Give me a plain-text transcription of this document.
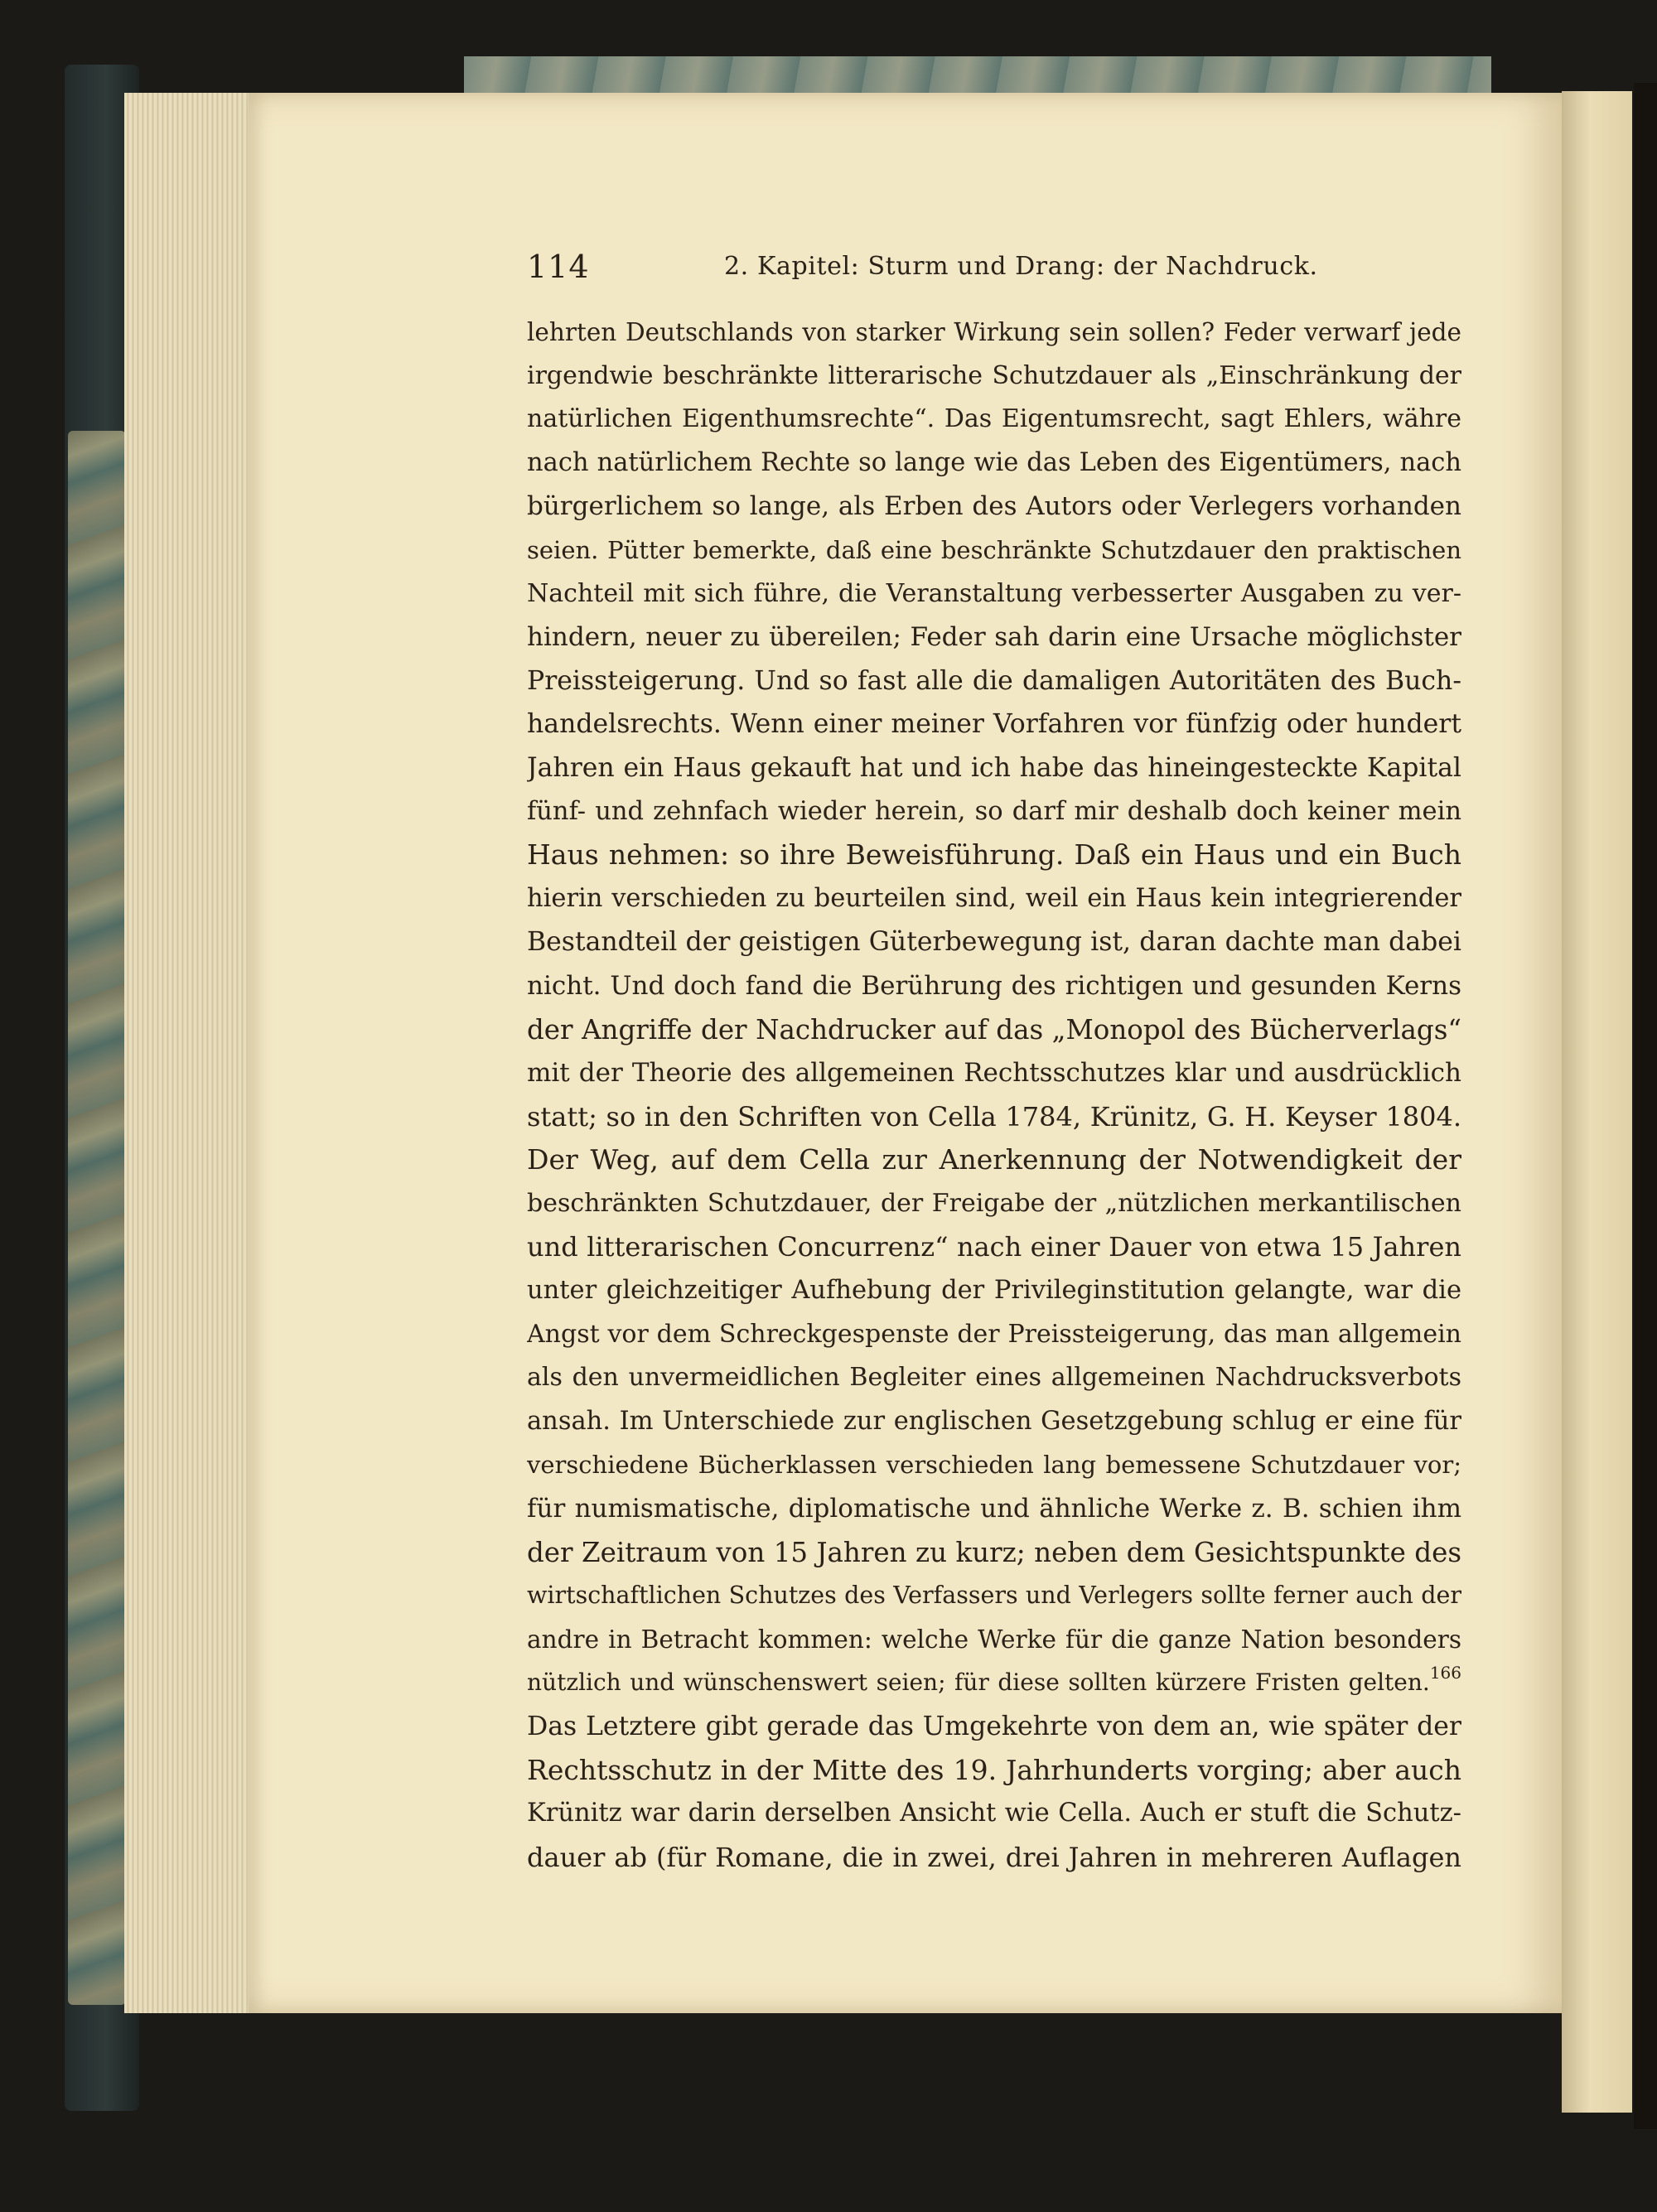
114	2. Kapitel: Sturm und Drang: der Nachdruck.
lehrten Deutschlands von starker Wirkung sein sollen? Feder verwarf jede
irgendwie beschränkte litterarische Schutzdauer als „Einschränkung der
natürlichen Eigenthumsrechte“. Das Eigentumsrecht, sagt Ehlers, währe
nach natürlichem Rechte so lange wie das Leben des Eigentümers, nach
bürgerlichem so lange, als Erben des Autors oder Verlegers vorhanden
seien. Pütter bemerkte, daß eine beschränkte Schutzdauer den praktischen
Nachteil mit sich führe, die Veranstaltung verbesserter Ausgaben zu ver-
hindern, neuer zu übereilen; Feder sah darin eine Ursache möglichster
Preissteigerung. Und so fast alle die damaligen Autoritäten des Buch-
handelsrechts. Wenn einer meiner Vorfahren vor fünfzig oder hundert
Jahren ein Haus gekauft hat und ich habe das hineingesteckte Kapital
fünf- und zehnfach wieder herein, so darf mir deshalb doch keiner mein
Haus nehmen: so ihre Beweisführung. Daß ein Haus und ein Buch
hierin verschieden zu beurteilen sind, weil ein Haus kein integrierender
Bestandteil der geistigen Güterbewegung ist, daran dachte man dabei
nicht. Und doch fand die Berührung des richtigen und gesunden Kerns
der Angriffe der Nachdrucker auf das „Monopol des Bücherverlags“
mit der Theorie des allgemeinen Rechtsschutzes klar und ausdrücklich
statt; so in den Schriften von Cella 1784, Krünitz, G. H. Keyser 1804.
Der Weg, auf dem Cella zur Anerkennung der Notwendigkeit der
beschränkten Schutzdauer, der Freigabe der „nützlichen merkantilischen
und litterarischen Concurrenz“ nach einer Dauer von etwa 15 Jahren
unter gleichzeitiger Aufhebung der Privileginstitution gelangte, war die
Angst vor dem Schreckgespenste der Preissteigerung, das man allgemein
als den unvermeidlichen Begleiter eines allgemeinen Nachdrucksverbots
ansah. Im Unterschiede zur englischen Gesetzgebung schlug er eine für
verschiedene Bücherklassen verschieden lang bemessene Schutzdauer vor;
für numismatische, diplomatische und ähnliche Werke z. B. schien ihm
der Zeitraum von 15 Jahren zu kurz; neben dem Gesichtspunkte des
wirtschaftlichen Schutzes des Verfassers und Verlegers sollte ferner auch der
andre in Betracht kommen: welche Werke für die ganze Nation besonders
nützlich und wünschenswert seien; für diese sollten kürzere Fristen gelten.$^{166}$
Das Letztere gibt gerade das Umgekehrte von dem an, wie später der
Rechtsschutz in der Mitte des 19. Jahrhunderts vorging; aber auch
Krünitz war darin derselben Ansicht wie Cella. Auch er stuft die Schutz-
dauer ab (für Romane, die in zwei, drei Jahren in mehreren Auflagen
